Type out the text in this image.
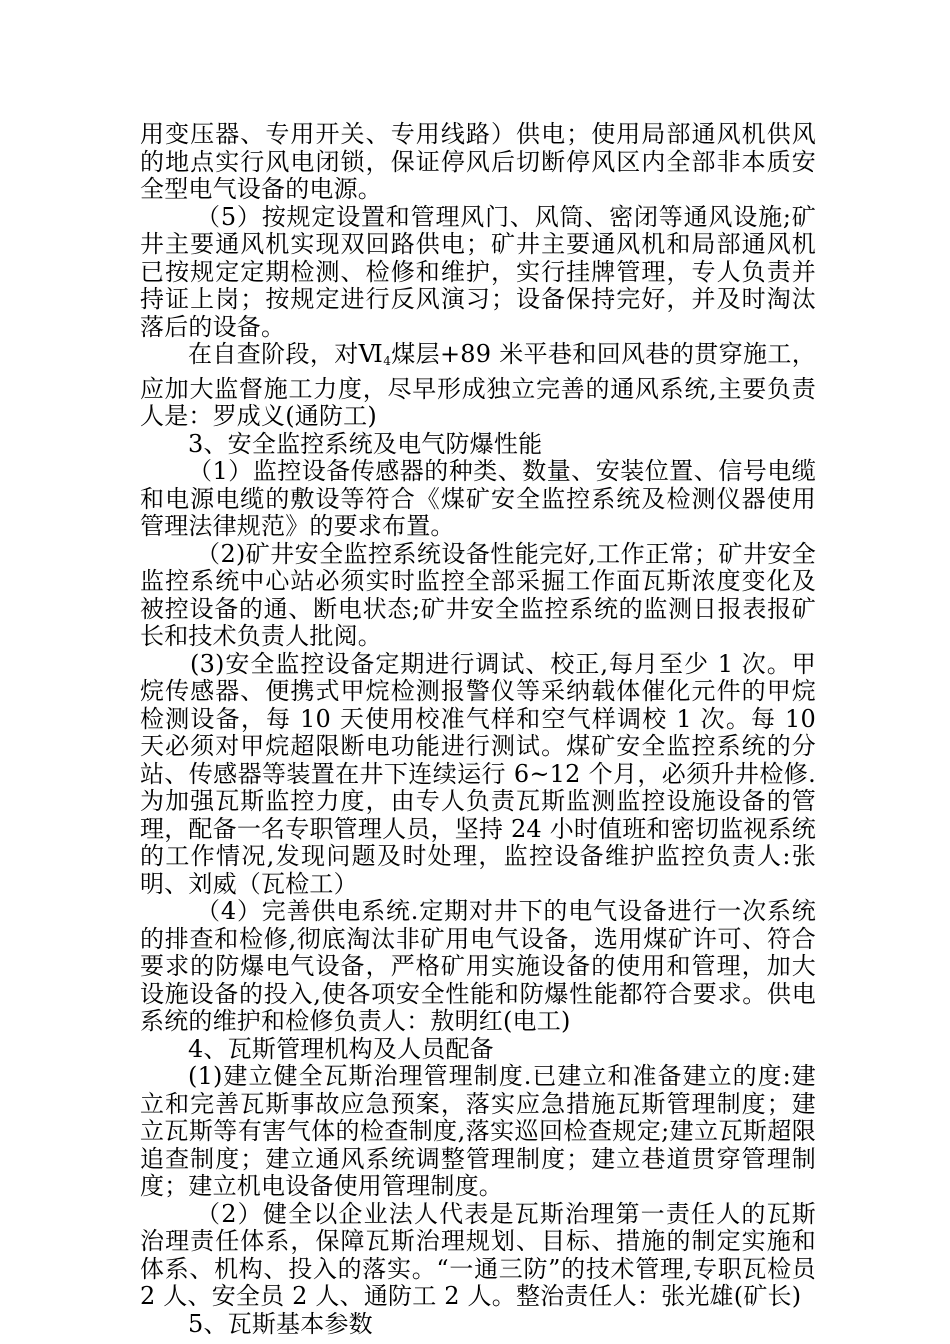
用变压器、专用开关、专用线路）供电；使用局部通风机供风的地点实行风电闭锁，保证停风后切断停风区内全部非本质安全型电气设备的电源。

（5）按规定设置和管理风门、风筒、密闭等通风设施;矿井主要通风机实现双回路供电；矿井主要通风机和局部通风机已按规定定期检测、检修和维护，实行挂牌管理，专人负责并持证上岗；按规定进行反风演习；设备保持完好，并及时淘汰落后的设备。

在自查阶段，对$Ⅵ_4$煤层+89 米平巷和回风巷的贯穿施工，应加大监督施工力度，尽早形成独立完善的通风系统,主要负责人是：罗成义(通防工)

3、安全监控系统及电气防爆性能

（1）监控设备传感器的种类、数量、安装位置、信号电缆和电源电缆的敷设等符合《煤矿安全监控系统及检测仪器使用管理法律规范》的要求布置。

（2)矿井安全监控系统设备性能完好,工作正常；矿井安全监控系统中心站必须实时监控全部采掘工作面瓦斯浓度变化及被控设备的通、断电状态;矿井安全监控系统的监测日报表报矿长和技术负责人批阅。

(3)安全监控设备定期进行调试、校正,每月至少 1 次。甲烷传感器、便携式甲烷检测报警仪等采纳载体催化元件的甲烷检测设备，每 10 天使用校准气样和空气样调校 1 次。每 10 天必须对甲烷超限断电功能进行测试。煤矿安全监控系统的分站、传感器等装置在井下连续运行 6~12 个月，必须升井检修.为加强瓦斯监控力度，由专人负责瓦斯监测监控设施设备的管理，配备一名专职管理人员，坚持 24 小时值班和密切监视系统的工作情况,发现问题及时处理，监控设备维护监控负责人:张明、刘威（瓦检工）

（4）完善供电系统.定期对井下的电气设备进行一次系统的排查和检修,彻底淘汰非矿用电气设备，选用煤矿许可、符合要求的防爆电气设备，严格矿用实施设备的使用和管理，加大设施设备的投入,使各项安全性能和防爆性能都符合要求。供电系统的维护和检修负责人：敖明红(电工)

4、瓦斯管理机构及人员配备

(1)建立健全瓦斯治理管理制度.已建立和准备建立的度:建立和完善瓦斯事故应急预案，落实应急措施瓦斯管理制度；建立瓦斯等有害气体的检查制度,落实巡回检查规定;建立瓦斯超限追查制度；建立通风系统调整管理制度；建立巷道贯穿管理制度；建立机电设备使用管理制度。

（2）健全以企业法人代表是瓦斯治理第一责任人的瓦斯治理责任体系，保障瓦斯治理规划、目标、措施的制定实施和体系、机构、投入的落实。“一通三防”的技术管理,专职瓦检员 2 人、安全员 2 人、通防工 2 人。整治责任人：张光雄(矿长)

5、瓦斯基本参数
